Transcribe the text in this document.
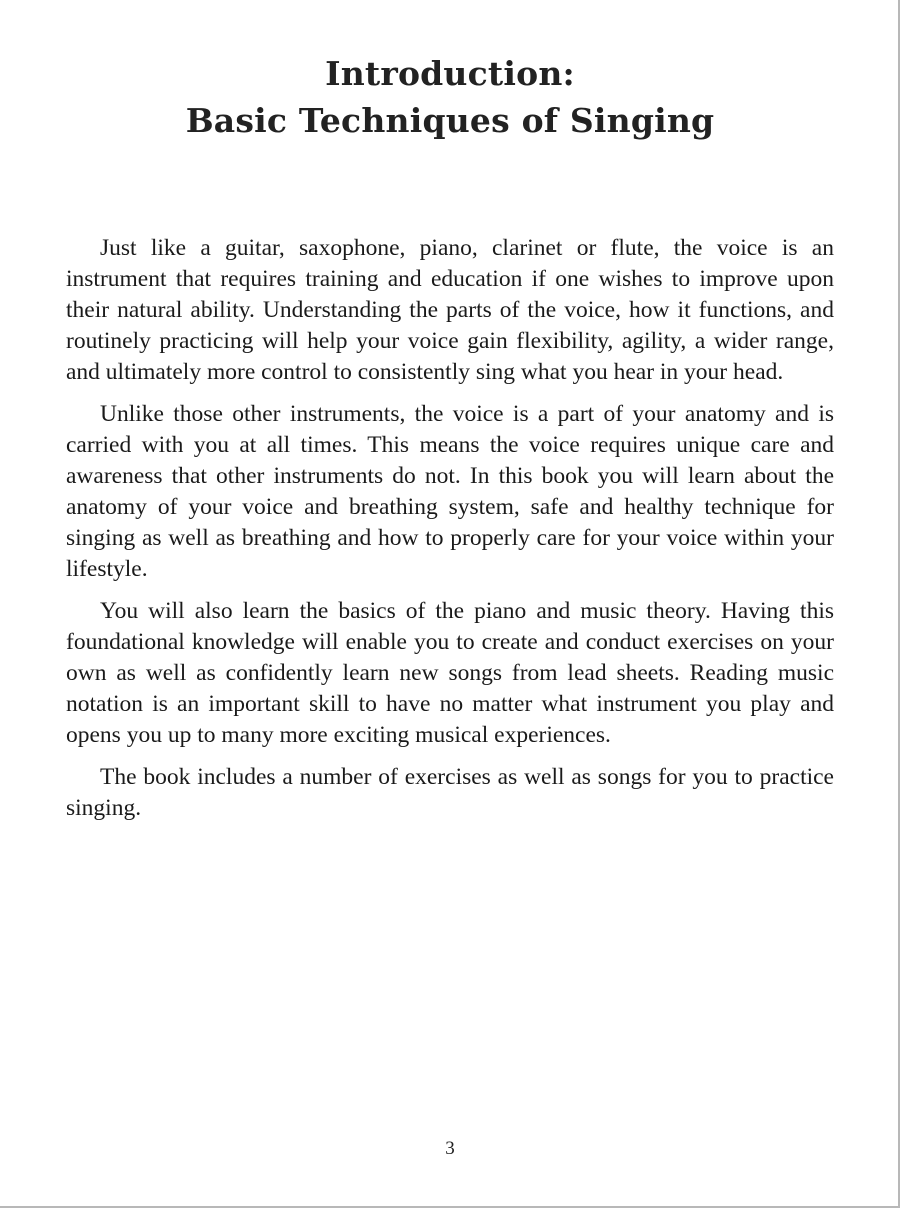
Introduction:
Basic Techniques of Singing

Just like a guitar, saxophone, piano, clarinet or flute, the voice is an instrument that requires training and education if one wishes to improve upon their natural ability. Understanding the parts of the voice, how it functions, and routinely practicing will help your voice gain flexibility, agility, a wider range, and ultimately more control to consistently sing what you hear in your head.

Unlike those other instruments, the voice is a part of your anatomy and is carried with you at all times. This means the voice requires unique care and awareness that other instruments do not. In this book you will learn about the anatomy of your voice and breathing system, safe and healthy technique for singing as well as breathing and how to properly care for your voice within your lifestyle.

You will also learn the basics of the piano and music theory. Having this foundational knowledge will enable you to create and conduct exercises on your own as well as confidently learn new songs from lead sheets. Reading music notation is an important skill to have no matter what instrument you play and opens you up to many more exciting musical experiences.

The book includes a number of exercises as well as songs for you to practice singing.

3
